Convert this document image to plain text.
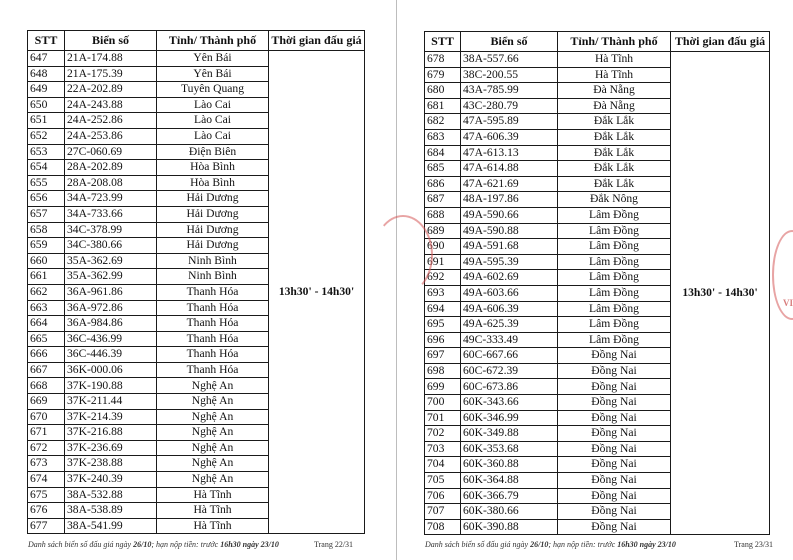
STT	Biển số	Tỉnh/ Thành phố	Thời gian đấu giá
647	21A-174.88	Yên Bái	13h30' - 14h30'
648	21A-175.39	Yên Bái	
649	22A-202.89	Tuyên Quang	
650	24A-243.88	Lào Cai	
651	24A-252.86	Lào Cai	
652	24A-253.86	Lào Cai	
653	27C-060.69	Điện Biên	
654	28A-202.89	Hòa Bình	
655	28A-208.08	Hòa Bình	
656	34A-723.99	Hải Dương	
657	34A-733.66	Hải Dương	
658	34C-378.99	Hải Dương	
659	34C-380.66	Hải Dương	
660	35A-362.69	Ninh Bình	
661	35A-362.99	Ninh Bình	
662	36A-961.86	Thanh Hóa	
663	36A-972.86	Thanh Hóa	
664	36A-984.86	Thanh Hóa	
665	36C-436.99	Thanh Hóa	
666	36C-446.39	Thanh Hóa	
667	36K-000.06	Thanh Hóa	
668	37K-190.88	Nghệ An	
669	37K-211.44	Nghệ An	
670	37K-214.39	Nghệ An	
671	37K-216.88	Nghệ An	
672	37K-236.69	Nghệ An	
673	37K-238.88	Nghệ An	
674	37K-240.39	Nghệ An	
675	38A-532.88	Hà Tĩnh	
676	38A-538.89	Hà Tĩnh	
677	38A-541.99	Hà Tĩnh	
Danh sách biển số đấu giá ngày 26/10; hạn nộp tiền: trước 16h30 ngày 23/10	Trang 22/31
STT	Biển số	Tỉnh/ Thành phố	Thời gian đấu giá
678	38A-557.66	Hà Tĩnh	13h30' - 14h30'
679	38C-200.55	Hà Tĩnh	
680	43A-785.99	Đà Nẵng	
681	43C-280.79	Đà Nẵng	
682	47A-595.89	Đắk Lắk	
683	47A-606.39	Đắk Lắk	
684	47A-613.13	Đắk Lắk	
685	47A-614.88	Đắk Lắk	
686	47A-621.69	Đắk Lắk	
687	48A-197.86	Đắk Nông	
688	49A-590.66	Lâm Đồng	
689	49A-590.88	Lâm Đồng	
690	49A-591.68	Lâm Đồng	
691	49A-595.39	Lâm Đồng	
692	49A-602.69	Lâm Đồng	
693	49A-603.66	Lâm Đồng	
694	49A-606.39	Lâm Đồng	
695	49A-625.39	Lâm Đồng	
696	49C-333.49	Lâm Đồng	
697	60C-667.66	Đồng Nai	
698	60C-672.39	Đồng Nai	
699	60C-673.86	Đồng Nai	
700	60K-343.66	Đồng Nai	
701	60K-346.99	Đồng Nai	
702	60K-349.88	Đồng Nai	
703	60K-353.68	Đồng Nai	
704	60K-360.88	Đồng Nai	
705	60K-364.88	Đồng Nai	
706	60K-366.79	Đồng Nai	
707	60K-380.66	Đồng Nai	
708	60K-390.88	Đồng Nai	
Danh sách biển số đấu giá ngày 26/10; hạn nộp tiền: trước 16h30 ngày 23/10	Trang 23/31
VI
